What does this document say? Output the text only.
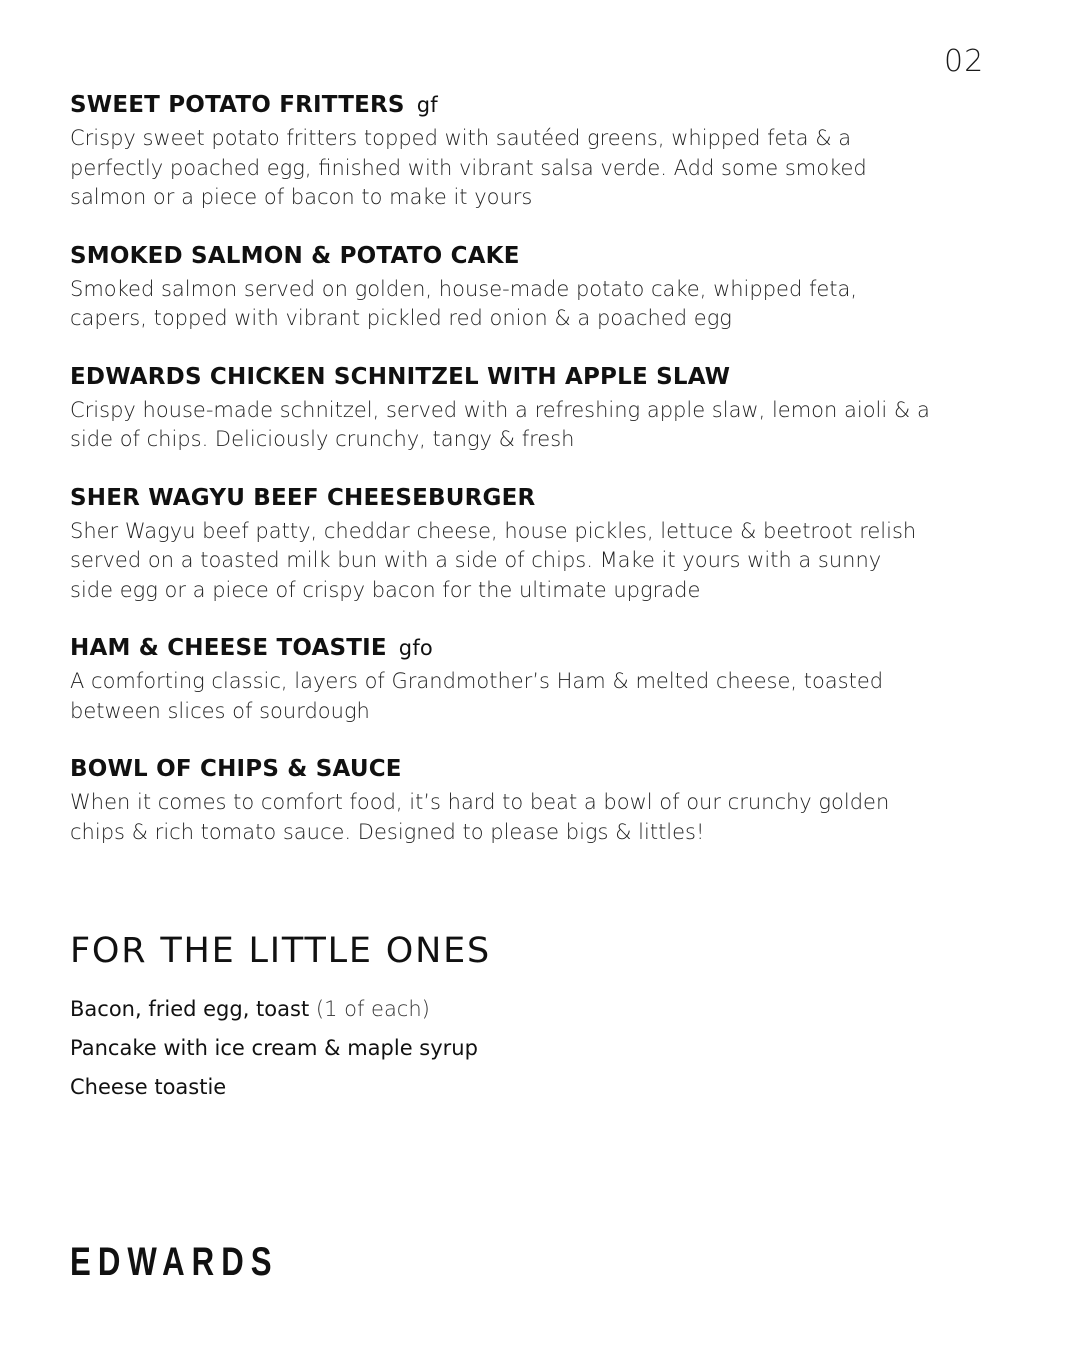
02
SWEET POTATO FRITTERS gf

Crispy sweet potato fritters topped with sautéed greens, whipped feta & a perfectly poached egg, finished with vibrant salsa verde. Add some smoked salmon or a piece of bacon to make it yours

SMOKED SALMON & POTATO CAKE

Smoked salmon served on golden, house-made potato cake, whipped feta, capers, topped with vibrant pickled red onion & a poached egg

EDWARDS CHICKEN SCHNITZEL WITH APPLE SLAW

Crispy house-made schnitzel, served with a refreshing apple slaw, lemon aioli & a side of chips. Deliciously crunchy, tangy & fresh

SHER WAGYU BEEF CHEESEBURGER

Sher Wagyu beef patty, cheddar cheese, house pickles, lettuce & beetroot relish served on a toasted milk bun with a side of chips. Make it yours with a sunny side egg or a piece of crispy bacon for the ultimate upgrade

HAM & CHEESE TOASTIE gfo

A comforting classic, layers of Grandmother’s Ham & melted cheese, toasted between slices of sourdough

BOWL OF CHIPS & SAUCE

When it comes to comfort food, it’s hard to beat a bowl of our crunchy golden chips & rich tomato sauce. Designed to please bigs & littles!

FOR THE LITTLE ONES
Bacon, fried egg, toast (1 of each)
Pancake with ice cream & maple syrup
Cheese toastie
EDWARDS
